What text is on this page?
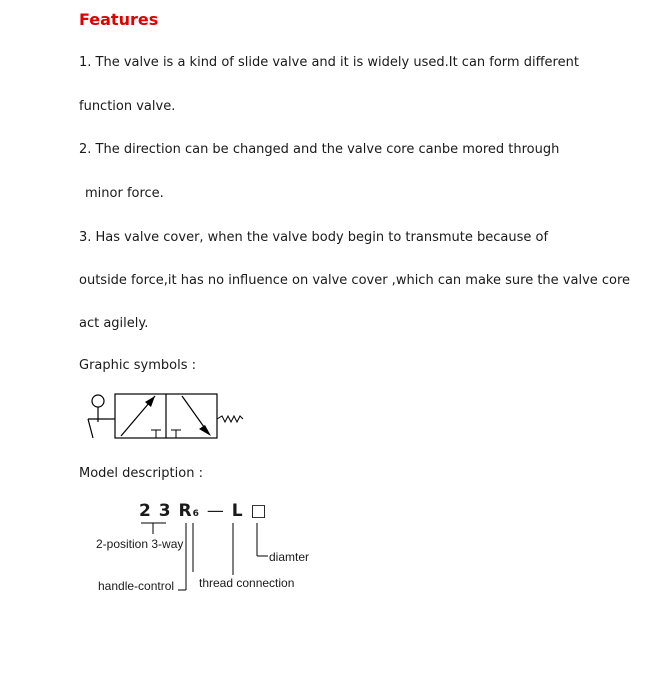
Features
1. The valve is a kind of slide valve and it is widely used.It can form different
function valve.
2. The direction can be changed and the valve core canbe mored through
minor force.
3. Has valve cover, when the valve body begin to transmute because of
outside force,it has no influence on valve cover ,which can make sure the valve core
act agilely.
Graphic symbols :
Model description :
2 3 R6 — L □
2-position 3-way
diamter
handle-control thread connection
